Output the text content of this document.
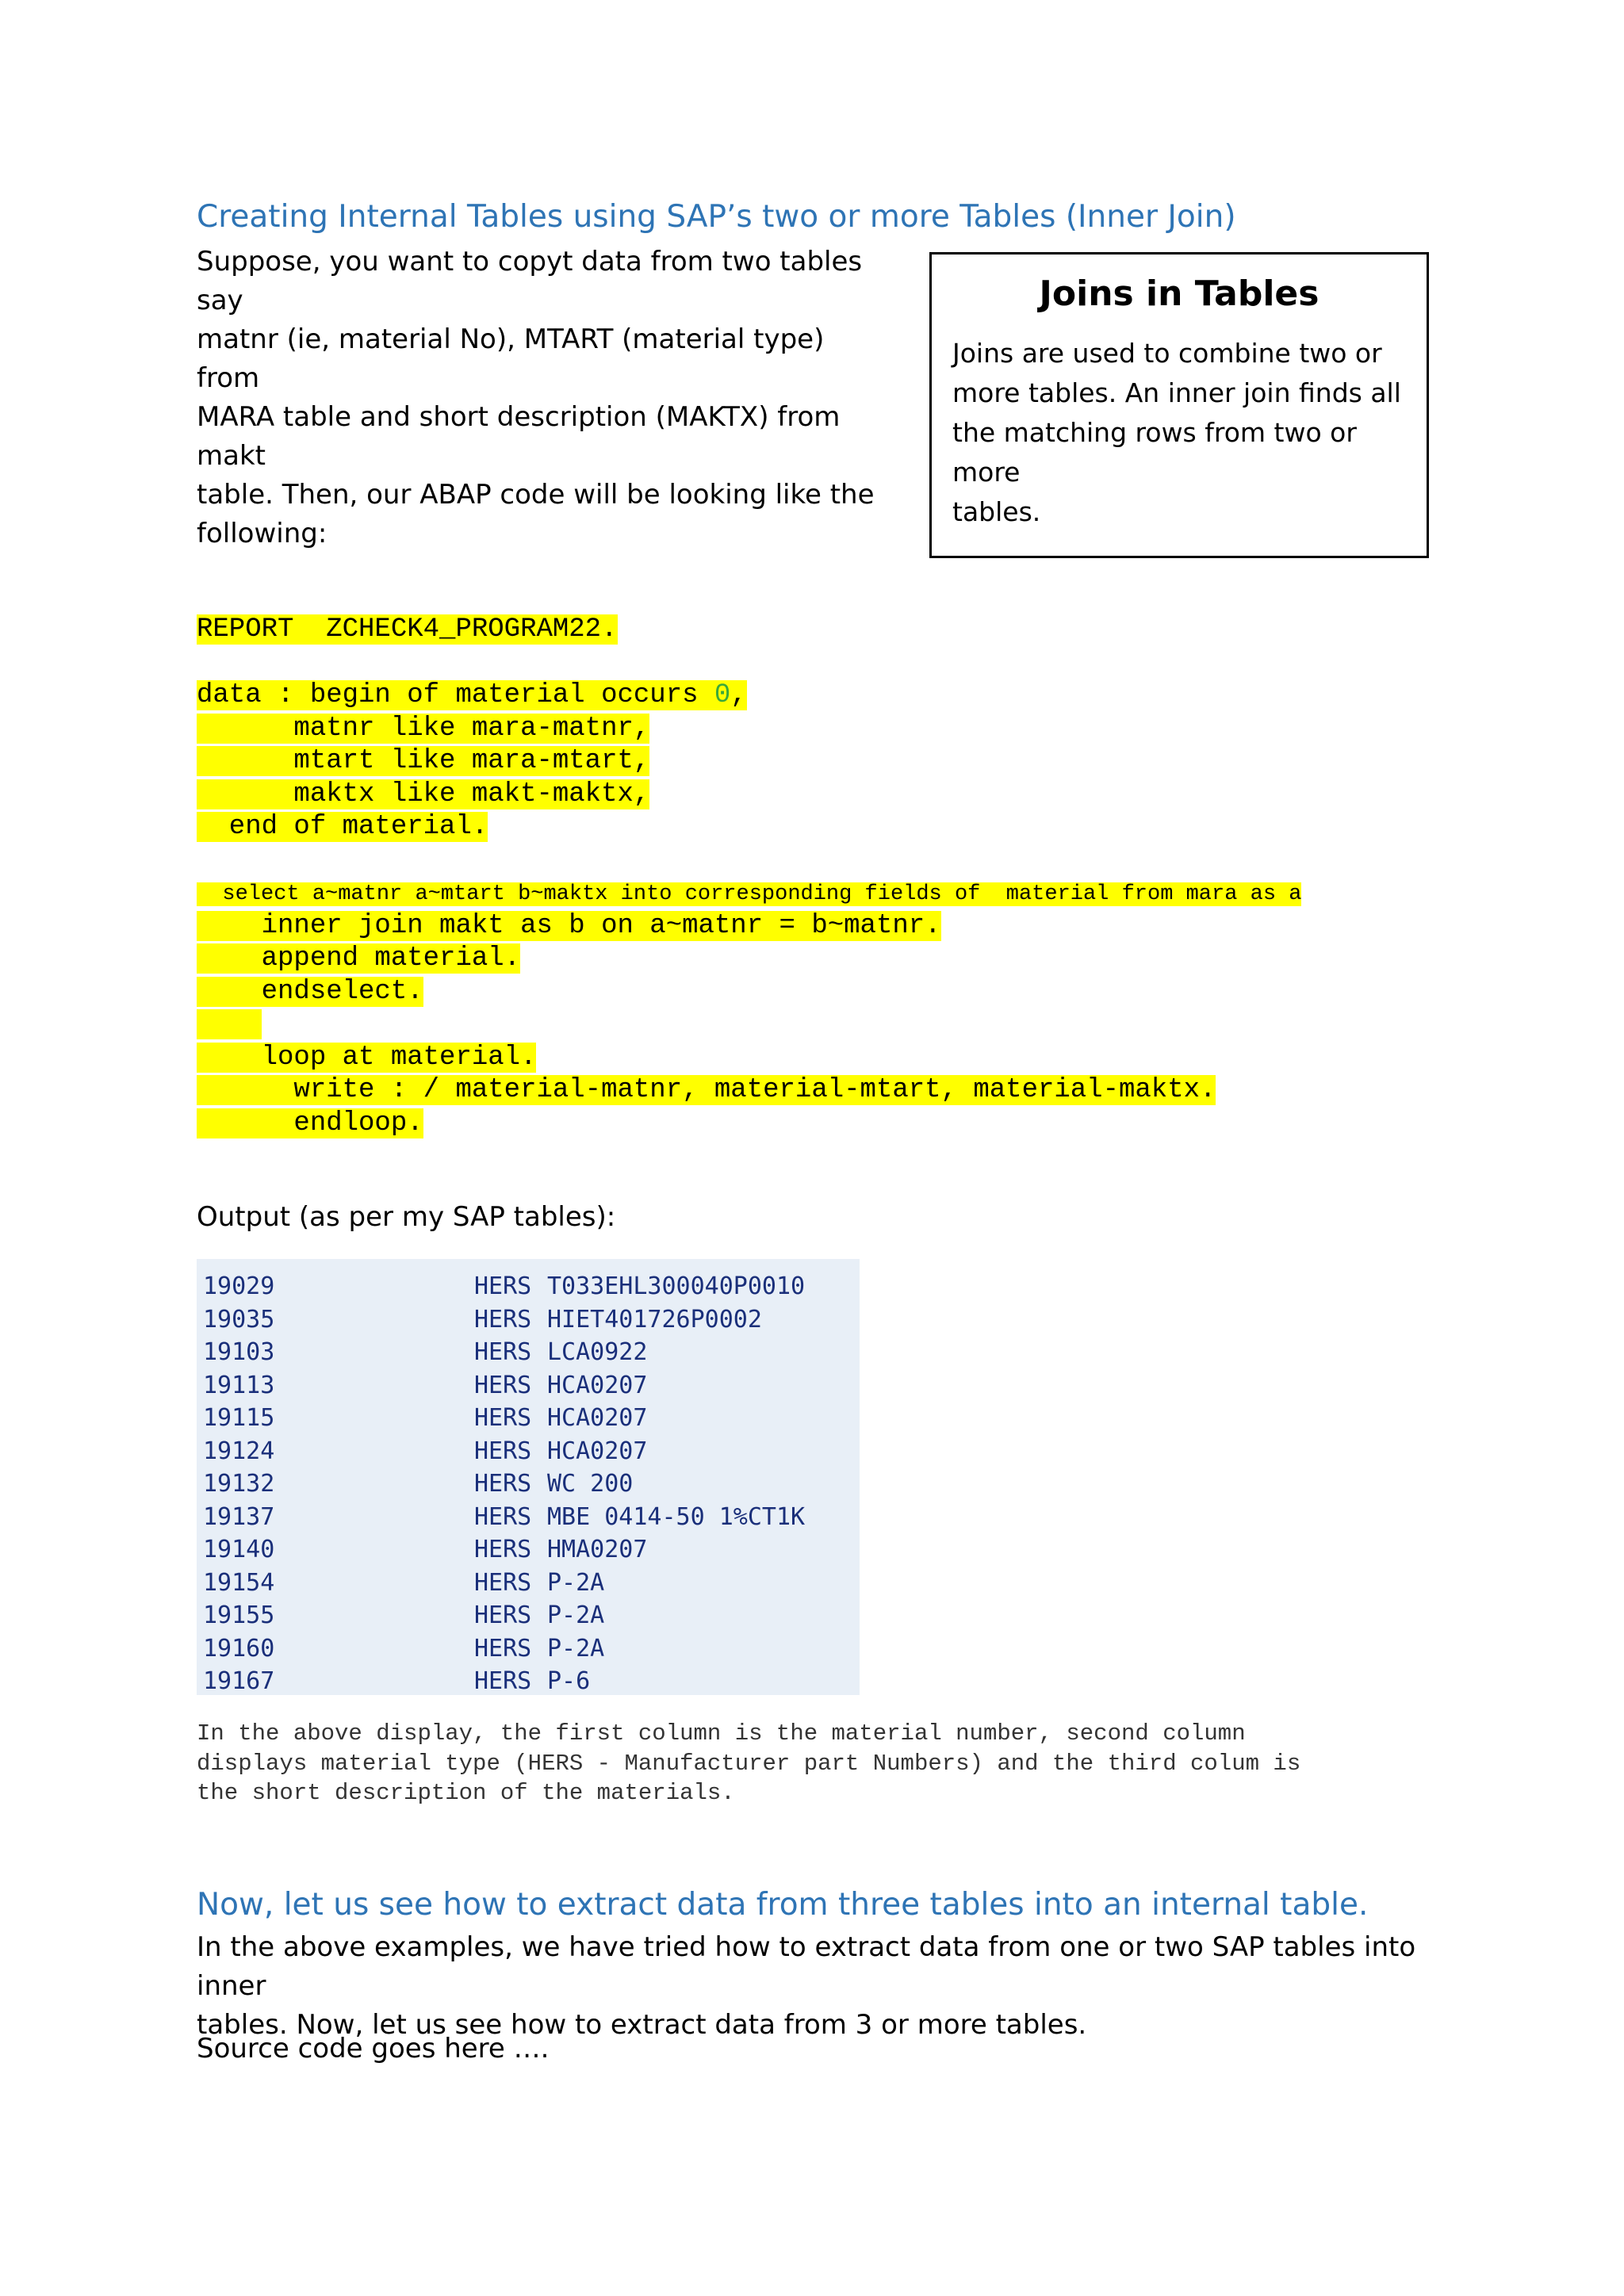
Creating Internal Tables using SAP’s two or more Tables (Inner Join)
Suppose, you want to copyt data from two tables say
matnr (ie, material No), MTART (material type) from
MARA table and short description (MAKTX) from makt
table. Then, our ABAP code will be looking like the
following:
Joins in Tables
Joins are used to combine two or
more tables. An inner join finds all
the matching rows from two or more
tables.
REPORT  ZCHECK4_PROGRAM22.
data : begin of material occurs 0,
matnr like mara-matnr,
mtart like mara-mtart,
maktx like makt-maktx,
end of material.
select a~matnr a~mtart b~maktx into corresponding fields of  material from mara as a
inner join makt as b on a~matnr = b~matnr.
append material.
endselect.

loop at material.
write : / material-matnr, material-mtart, material-maktx.
endloop.
Output (as per my SAP tables):
19029	HERS T033EHL300040P0010
19035	HERS HIET401726P0002
19103	HERS LCA0922
19113	HERS HCA0207
19115	HERS HCA0207
19124	HERS HCA0207
19132	HERS WC 200
19137	HERS MBE 0414-50 1%CT1K
19140	HERS HMA0207
19154	HERS P-2A
19155	HERS P-2A
19160	HERS P-2A
19167	HERS P-6
In the above display, the first column is the material number, second column
displays material type (HERS - Manufacturer part Numbers) and the third colum is
the short description of the materials.
Now, let us see how to extract data from three tables into an internal table.
In the above examples, we have tried how to extract data from one or two SAP tables into inner
tables. Now, let us see how to extract data from 3 or more tables.
Source code goes here ….
